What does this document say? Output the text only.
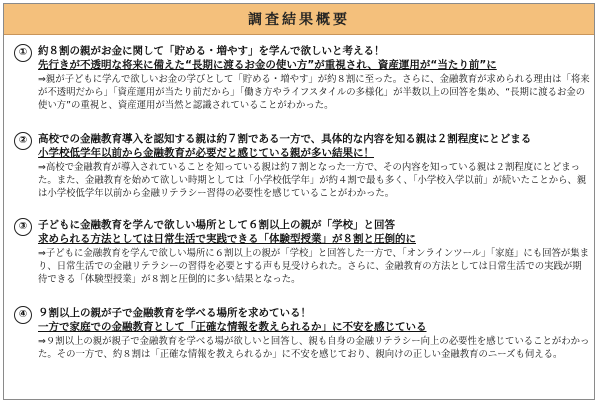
調査結果概要
①	約８割の親がお金に関して「貯める・増やす」を学んで欲しいと考える！
先行きが不透明な将来に備えた“長期に渡るお金の使い方”が重視され、資産運用が“当たり前”に
⇒親が子どもに学んで欲しいお金の学びとして「貯める・増やす」が約８割に至った。さらに、金融教育が求められる理由は「将来が不透明だから」「資産運用が当たり前だから」「働き方やライフスタイルの多様化」が半数以上の回答を集め、“長期に渡るお金の使い方”の重視と、資産運用が当然と認識されていることがわかった。
②	高校での金融教育導入を認知する親は約７割である一方で、具体的な内容を知る親は２割程度にとどまる
小学校低学年以前から金融教育が必要だと感じている親が多い結果に！
⇒高校で金融教育が導入されていることを知っている親は約７割となった一方で、その内容を知っている親は２割程度にとどまった。また、金融教育を始めて欲しい時期としては「小学校低学年」が約４割で最も多く、「小学校入学以前」が続いたことから、親は小学校低学年以前から金融リテラシー習得の必要性を感じていることがわかった。
③	子どもに金融教育を学んで欲しい場所として６割以上の親が「学校」と回答
求められる方法としては日常生活で実践できる「体験型授業」が８割と圧倒的に
⇒子どもに金融教育を学んで欲しい場所に６割以上の親が「学校」と回答した一方で、「オンラインツール」「家庭」にも回答が集まり、日常生活での金融リテラシーの習得を必要とする声も見受けられた。さらに、金融教育の方法としては日常生活での実践が期待できる「体験型授業」が８割と圧倒的に多い結果となった。
④	９割以上の親が子で金融教育を学べる場所を求めている！
一方で家庭での金融教育として「正確な情報を教えられるか」に不安を感じている
⇒９割以上の親が親子で金融教育を学べる場が欲しいと回答し、親も自身の金融リテラシー向上の必要性を感じていることがわかった。その一方で、約８割は「正確な情報を教えられるか」に不安を感じており、親向けの正しい金融教育のニーズも伺える。
